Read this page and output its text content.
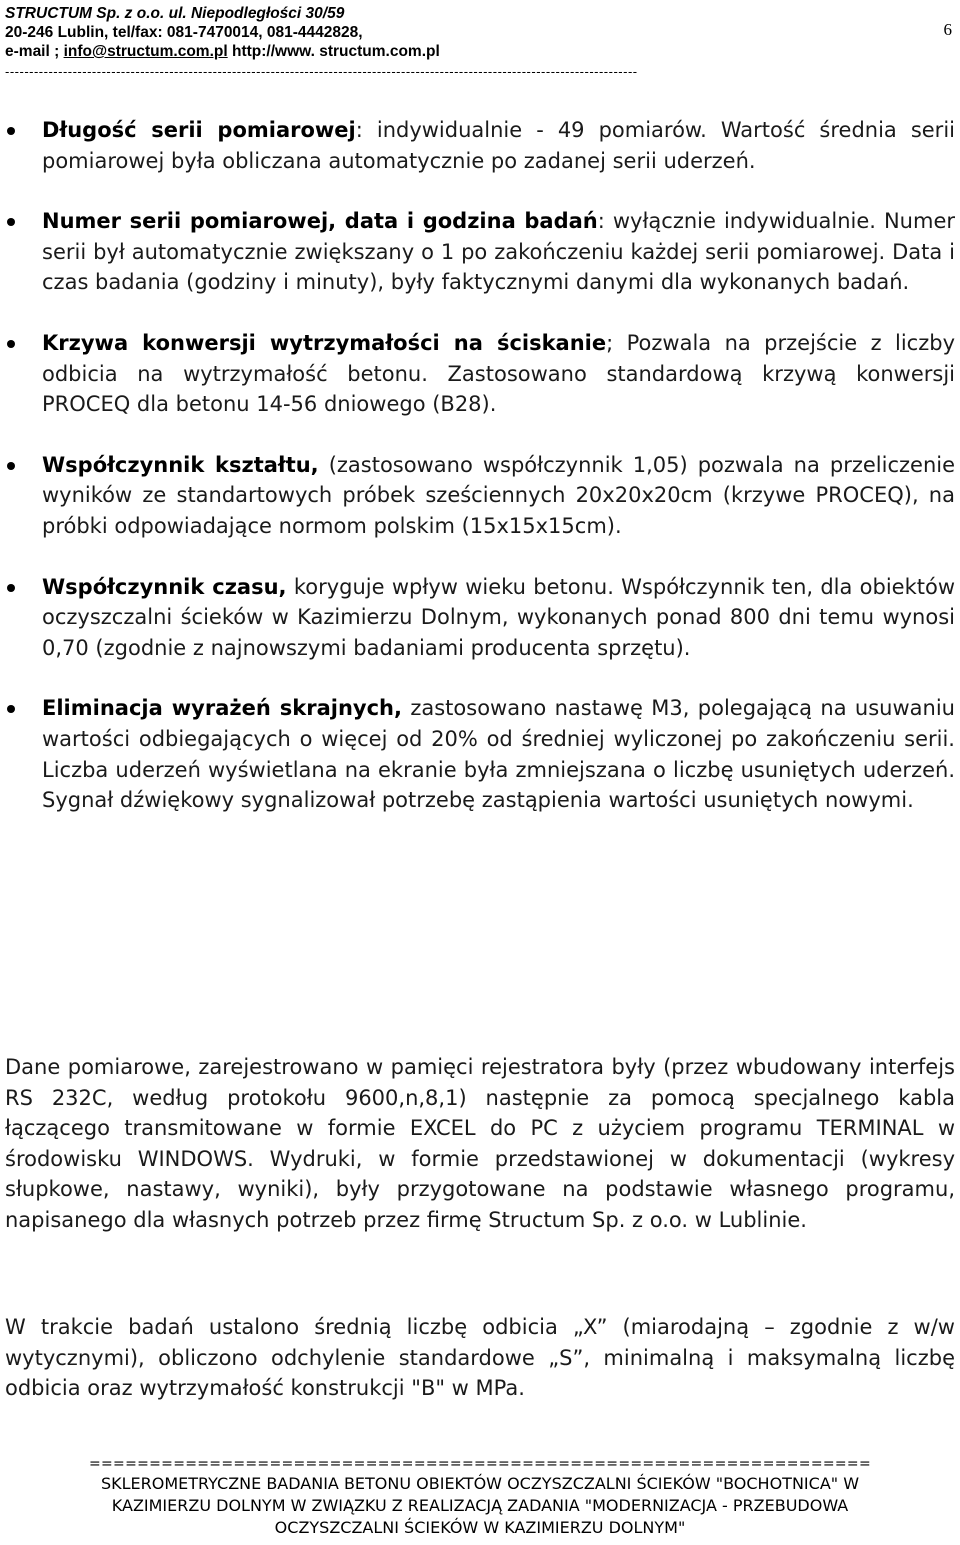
STRUCTUM Sp. z o.o. ul. Niepodległości 30/59
20-246 Lublin, tel/fax: 081-7470014, 081-4442828,
e-mail ; info@structum.com.pl http://www. structum.com.pl
6
-----------------------------------------------------------------------------------------------------------------------------------
Długość serii pomiarowej: indywidualnie - 49 pomiarów. Wartość średnia serii pomiarowej była obliczana automatycznie po zadanej serii uderzeń.
Numer serii pomiarowej, data i godzina badań: wyłącznie indywidualnie. Numer serii był automatycznie zwiększany o 1 po zakończeniu każdej serii pomiarowej. Data i czas badania (godziny i minuty), były faktycznymi danymi dla wykonanych badań.
Krzywa konwersji wytrzymałości na ściskanie; Pozwala na przejście z liczby odbicia na wytrzymałość betonu. Zastosowano standardową krzywą konwersji PROCEQ dla betonu 14-56 dniowego (B28).
Współczynnik kształtu, (zastosowano współczynnik 1,05) pozwala na przeliczenie wyników ze standartowych próbek sześciennych 20x20x20cm (krzywe PROCEQ), na próbki odpowiadające normom polskim (15x15x15cm).
Współczynnik czasu, koryguje wpływ wieku betonu. Współczynnik ten, dla obiektów oczyszczalni ścieków w Kazimierzu Dolnym, wykonanych ponad 800 dni temu wynosi 0,70 (zgodnie z najnowszymi badaniami producenta sprzętu).
Eliminacja wyrażeń skrajnych, zastosowano nastawę M3, polegającą na usuwaniu wartości odbiegających o więcej od 20% od średniej wyliczonej po zakończeniu serii. Liczba uderzeń wyświetlana na ekranie była zmniejszana o liczbę usuniętych uderzeń. Sygnał dźwiękowy sygnalizował potrzebę zastąpienia wartości usuniętych nowymi.

Dane pomiarowe, zarejestrowano w pamięci rejestratora były (przez wbudowany interfejs RS 232C, według protokołu 9600,n,8,1) następnie za pomocą specjalnego kabla łączącego transmitowane w formie EXCEL do PC z użyciem programu TERMINAL w środowisku WINDOWS. Wydruki, w formie przedstawionej w dokumentacji (wykresy słupkowe, nastawy, wyniki), były przygotowane na podstawie własnego programu, napisanego dla własnych potrzeb przez firmę Structum Sp. z o.o. w Lublinie.

W trakcie badań ustalono średnią liczbę odbicia „X” (miarodajną – zgodnie z w/w wytycznymi), obliczono odchylenie standardowe „S”, minimalną i maksymalną liczbę odbicia oraz wytrzymałość konstrukcji "B" w MPa.

=================================================================
SKLEROMETRYCZNE BADANIA BETONU OBIEKTÓW OCZYSZCZALNI ŚCIEKÓW "BOCHOTNICA" W
KAZIMIERZU DOLNYM W ZWIĄZKU Z REALIZACJĄ ZADANIA "MODERNIZACJA - PRZEBUDOWA
OCZYSZCZALNI ŚCIEKÓW W KAZIMIERZU DOLNYM"
